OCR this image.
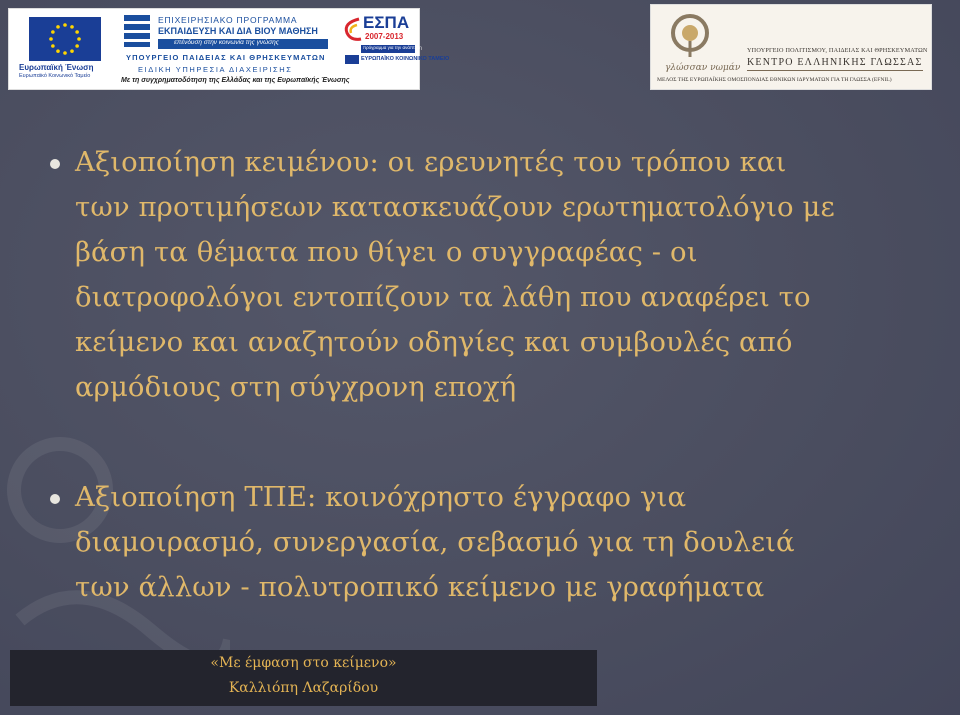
Ευρωπαϊκή Ένωση
Ευρωπαϊκό Κοινωνικό Ταμείο
ΕΠΙΧΕΙΡΗΣΙΑΚΟ ΠΡΟΓΡΑΜΜΑ
ΕΚΠΑΙΔΕΥΣΗ ΚΑΙ ΔΙΑ ΒΙΟΥ ΜΑΘΗΣΗ
επένδυση στην κοινωνία της γνώσης
ΥΠΟΥΡΓΕΙΟ ΠΑΙΔΕΙΑΣ ΚΑΙ ΘΡΗΣΚΕΥΜΑΤΩΝ
ΕΙΔΙΚΗ ΥΠΗΡΕΣΙΑ ΔΙΑΧΕΙΡΙΣΗΣ
ΕΣΠΑ
2007-2013
πρόγραμμα για την ανάπτυξη
ΕΥΡΩΠΑΪΚΟ ΚΟΙΝΩΝΙΚΟ ΤΑΜΕΙΟ
Με τη συγχρηματοδότηση της Ελλάδας και της Ευρωπαϊκής Ένωσης
γλώσσαν νωμάν
ΥΠΟΥΡΓΕΙΟ ΠΟΛΙΤΙΣΜΟΥ, ΠΑΙΔΕΙΑΣ ΚΑΙ ΘΡΗΣΚΕΥΜΑΤΩΝ
ΚΕΝΤΡΟ ΕΛΛΗΝΙΚΗΣ ΓΛΩΣΣΑΣ
ΜΕΛΟΣ ΤΗΣ ΕΥΡΩΠΑΪΚΗΣ ΟΜΟΣΠΟΝΔΙΑΣ ΕΘΝΙΚΩΝ ΙΔΡΥΜΑΤΩΝ ΓΙΑ ΤΗ ΓΛΩΣΣΑ (EFNIL)
Αξιοποίηση κειμένου: οι ερευνητές του τρόπου και
των προτιμήσεων κατασκευάζουν ερωτηματολόγιο με
βάση τα θέματα που θίγει ο συγγραφέας - οι
διατροφολόγοι εντοπίζουν τα λάθη που αναφέρει το
κείμενο και αναζητούν οδηγίες και συμβουλές από
αρμόδιους στη σύγχρονη εποχή
Αξιοποίηση ΤΠΕ: κοινόχρηστο έγγραφο για
διαμοιρασμό, συνεργασία, σεβασμό για τη δουλειά
των άλλων - πολυτροπικό κείμενο με γραφήματα
«Με έμφαση στο κείμενο»
Καλλιόπη Λαζαρίδου
